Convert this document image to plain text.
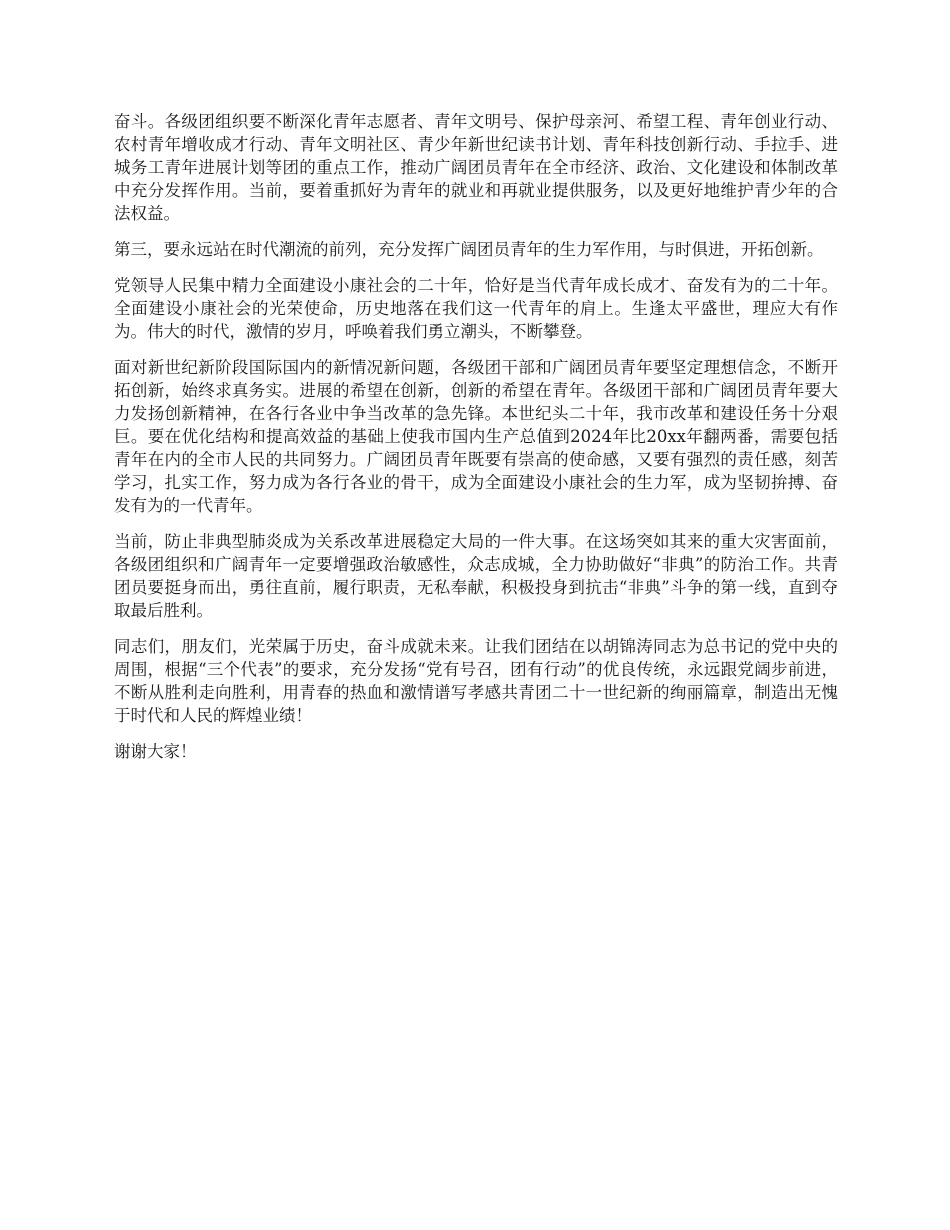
奋斗。各级团组织要不断深化青年志愿者、青年文明号、保护母亲河、希望工程、青年创业行动、农村青年增收成才行动、青年文明社区、青少年新世纪读书计划、青年科技创新行动、手拉手、进城务工青年进展计划等团的重点工作，推动广阔团员青年在全市经济、政治、文化建设和体制改革中充分发挥作用。当前，要着重抓好为青年的就业和再就业提供服务，以及更好地维护青少年的合法权益。

第三，要永远站在时代潮流的前列，充分发挥广阔团员青年的生力军作用，与时俱进，开拓创新。

党领导人民集中精力全面建设小康社会的二十年，恰好是当代青年成长成才、奋发有为的二十年。全面建设小康社会的光荣使命，历史地落在我们这一代青年的肩上。生逢太平盛世，理应大有作为。伟大的时代，激情的岁月，呼唤着我们勇立潮头，不断攀登。

面对新世纪新阶段国际国内的新情况新问题，各级团干部和广阔团员青年要坚定理想信念，不断开拓创新，始终求真务实。进展的希望在创新，创新的希望在青年。各级团干部和广阔团员青年要大力发扬创新精神，在各行各业中争当改革的急先锋。本世纪头二十年，我市改革和建设任务十分艰巨。要在优化结构和提高效益的基础上使我市国内生产总值到2024年比20xx年翻两番，需要包括青年在内的全市人民的共同努力。广阔团员青年既要有崇高的使命感，又要有强烈的责任感，刻苦学习，扎实工作，努力成为各行各业的骨干，成为全面建设小康社会的生力军，成为坚韧拚搏、奋发有为的一代青年。

当前，防止非典型肺炎成为关系改革进展稳定大局的一件大事。在这场突如其来的重大灾害面前，各级团组织和广阔青年一定要增强政治敏感性，众志成城，全力协助做好“非典”的防治工作。共青团员要挺身而出，勇往直前，履行职责，无私奉献，积极投身到抗击“非典”斗争的第一线，直到夺取最后胜利。

同志们，朋友们，光荣属于历史，奋斗成就未来。让我们团结在以胡锦涛同志为总书记的党中央的周围，根据“三个代表”的要求，充分发扬“党有号召，团有行动”的优良传统，永远跟党阔步前进，不断从胜利走向胜利，用青春的热血和激情谱写孝感共青团二十一世纪新的绚丽篇章，制造出无愧于时代和人民的辉煌业绩！

谢谢大家！
